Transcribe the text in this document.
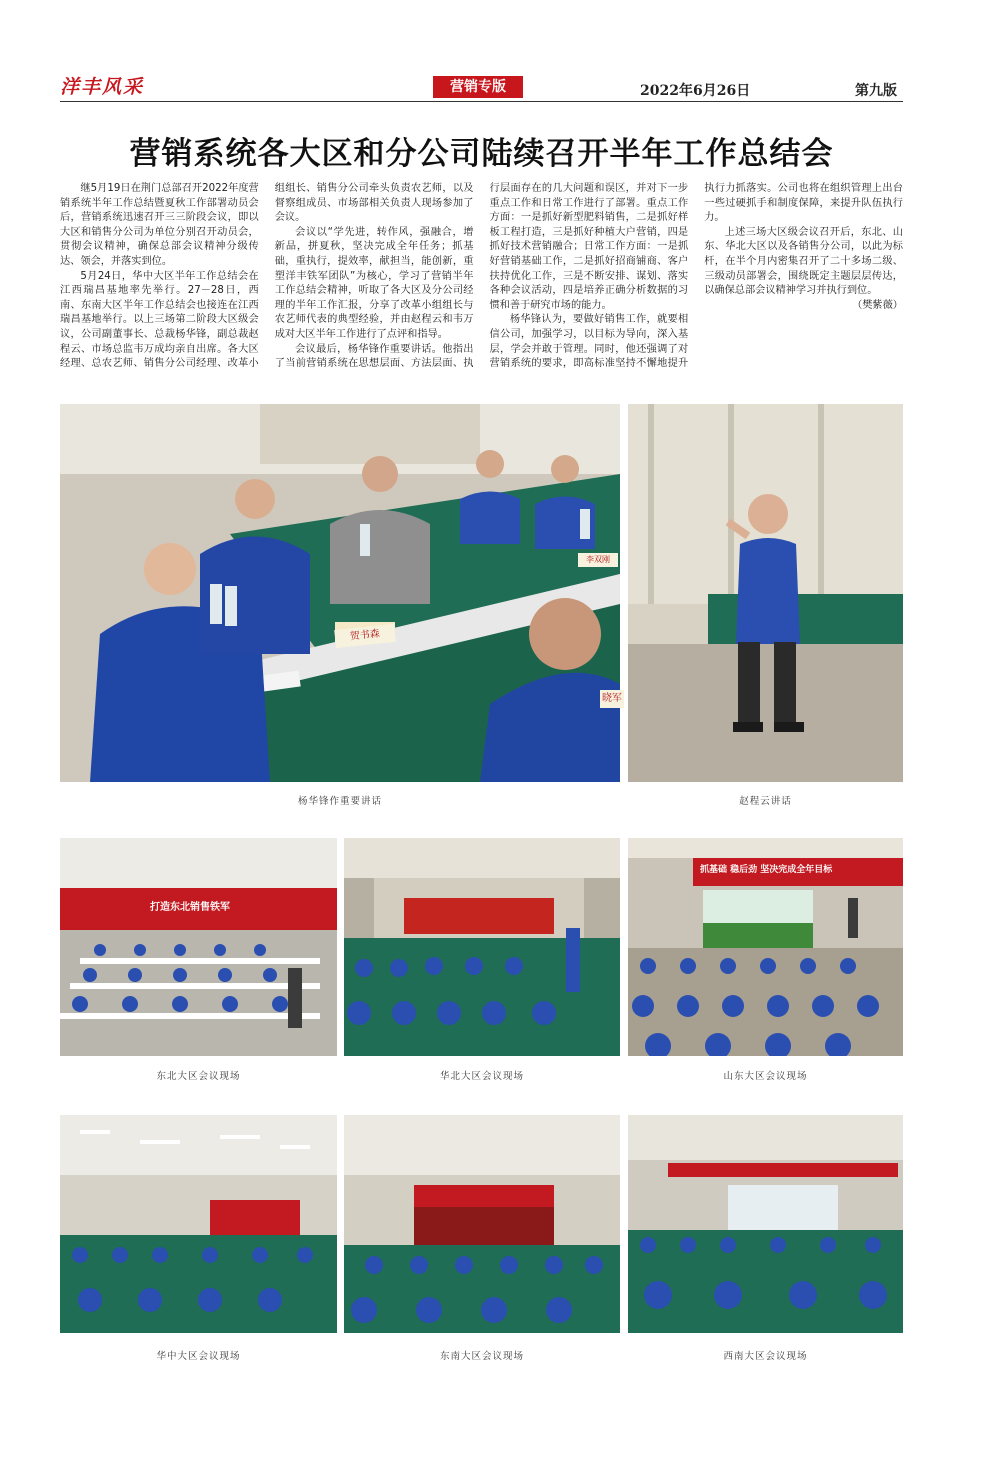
洋丰风采	营销专版	2022年6月26日	第九版
营销系统各大区和分公司陆续召开半年工作总结会

继5月19日在荆门总部召开2022年度营销系统半年工作总结暨夏秋工作部署动员会后，营销系统迅速召开三三阶段会议，即以大区和销售分公司为单位分别召开动员会，贯彻会议精神，确保总部会议精神分级传达、领会，并落实到位。

5月24日，华中大区半年工作总结会在江西瑞昌基地率先举行。27－28日，西南、东南大区半年工作总结会也接连在江西瑞昌基地举行。以上三场第二阶段大区级会议，公司副董事长、总裁杨华锋，副总裁赵程云、市场总监韦万成均亲自出席。各大区经理、总农艺师、销售分公司经理、改革小组组长、销售分公司牵头负责农艺师，以及督察组成员、市场部相关负责人现场参加了会议。

会议以“学先进，转作风，强融合，增新品，拼夏秋，坚决完成全年任务；抓基础，重执行，提效率，献担当，能创新，重塑洋丰铁军团队”为核心，学习了营销半年工作总结会精神，听取了各大区及分公司经理的半年工作汇报，分享了改革小组组长与农艺师代表的典型经验，并由赵程云和韦万成对大区半年工作进行了点评和指导。

会议最后，杨华锋作重要讲话。他指出了当前营销系统在思想层面、方法层面、执行层面存在的几大问题和误区，并对下一步重点工作和日常工作进行了部署。重点工作方面：一是抓好新型肥料销售，二是抓好样板工程打造，三是抓好种植大户营销，四是抓好技术营销融合；日常工作方面：一是抓好营销基础工作，二是抓好招商铺商、客户扶持优化工作，三是不断安排、谋划、落实各种会议活动，四是培养正确分析数据的习惯和善于研究市场的能力。

杨华锋认为，要做好销售工作，就要相信公司，加强学习，以目标为导向，深入基层，学会并敢于管理。同时，他还强调了对营销系统的要求，即高标准坚持不懈地提升执行力抓落实。公司也将在组织管理上出台一些过硬抓手和制度保障，来提升队伍执行力。

上述三场大区级会议召开后，东北、山东、华北大区以及各销售分公司，以此为标杆，在半个月内密集召开了二十多场二级、三级动员部署会，围绕既定主题层层传达，以确保总部会议精神学习并执行到位。

（樊紫薇）

贺书森
晓军
李双刚
杨华锋作重要讲话	赵程云讲话
打造东北销售铁军
东北大区会议现场	华北大区会议现场
抓基础 稳后劲 坚决完成全年目标
山东大区会议现场
华中大区会议现场	东南大区会议现场	西南大区会议现场
